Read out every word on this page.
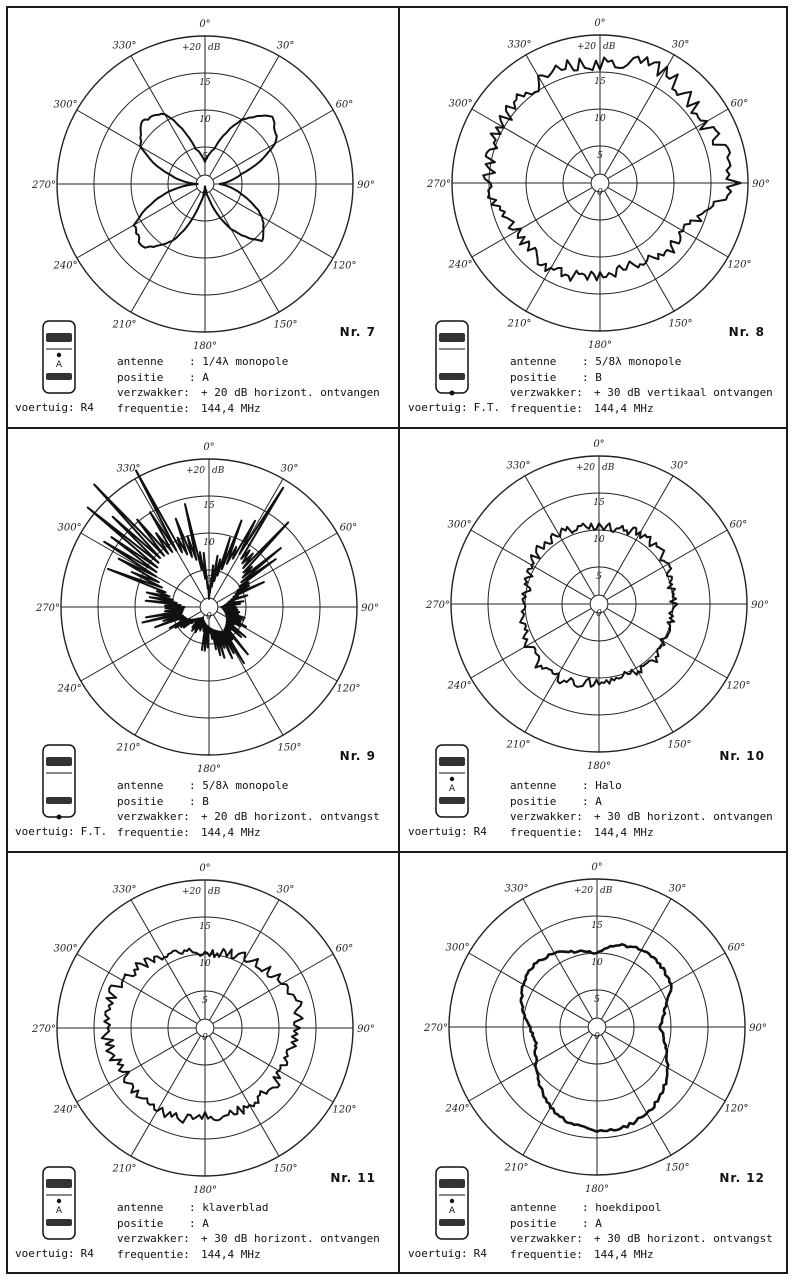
0°
30°
60°
90°
120°
150°
180°
210°
240°
270°
300°
330°	+20 dB
15
10
5
0
Nr. 7
A	antenne : 1/4λ monopole
positie : A
verzwakker: + 20 dB horizont. ontvangen
frequentie: 144,4 MHz
voertuig: R4
0°
30°
60°
90°
120°
150°
180°
210°
240°
270°
300°
330°	+20 dB
15
10
5
0
Nr. 8
antenne : 5/8λ monopole
positie : B
verzwakker: + 30 dB vertikaal ontvangen
frequentie: 144,4 MHz
voertuig: F.T.
0°
30°
60°
90°
120°
150°
180°
210°
240°
270°
300°
330°	+20 dB
15
10
5
0
Nr. 9
antenne : 5/8λ monopole
positie : B
verzwakker: + 20 dB horizont. ontvangst
frequentie: 144,4 MHz
voertuig: F.T.
0°
30°
60°
90°
120°
150°
180°
210°
240°
270°
300°
330°	+20 dB
15
10
5
0
Nr. 10
A	antenne : Halo
positie : A
verzwakker: + 30 dB horizont. ontvangen
frequentie: 144,4 MHz
voertuig: R4
0°
30°
60°
90°
120°
150°
180°
210°
240°
270°
300°
330°	+20 dB
15
10
5
0
Nr. 11
A	antenne : klaverblad
positie : A
verzwakker: + 30 dB horizont. ontvangen
frequentie: 144,4 MHz
voertuig: R4
0°
30°
60°
90°
120°
150°
180°
210°
240°
270°
300°
330°	+20 dB
15
10
5
0
Nr. 12
A	antenne : hoekdipool
positie : A
verzwakker: + 30 dB horizont. ontvangst
frequentie: 144,4 MHz
voertuig: R4
